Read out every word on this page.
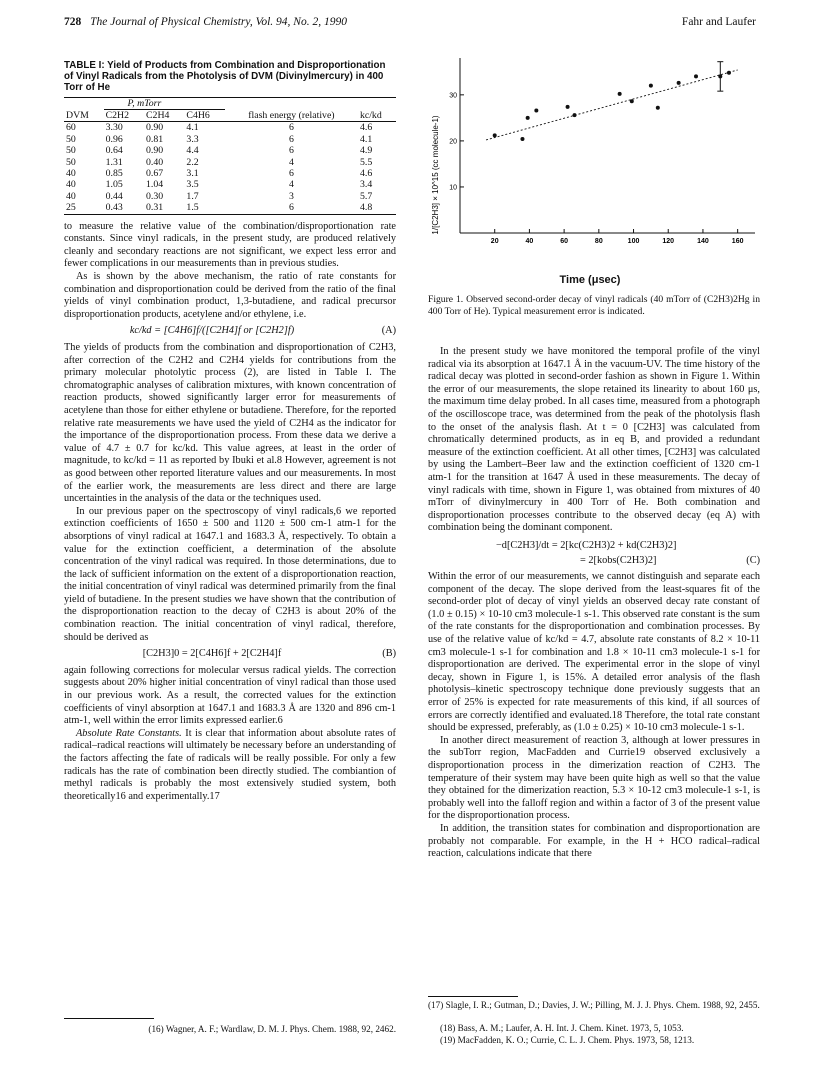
728 The Journal of Physical Chemistry, Vol. 94, No. 2, 1990	Fahr and Laufer
TABLE I: Yield of Products from Combination and Disproportionation of Vinyl Radicals from the Photolysis of DVM (Divinylmercury) in 400 Torr of He
P, mTorr				flash energy (relative)	kc/kd
DVM	C2H2	C2H4	C4H6		
60	3.30	0.90	4.1	6	4.6
50	0.96	0.81	3.3	6	4.1
50	0.64	0.90	4.4	6	4.9
50	1.31	0.40	2.2	4	5.5
40	0.85	0.67	3.1	6	4.6
40	1.05	1.04	3.5	4	3.4
40	0.44	0.30	1.7	3	5.7
25	0.43	0.31	1.5	6	4.8

to measure the relative value of the combination/disproportionation rate constants. Since vinyl radicals, in the present study, are produced relatively cleanly and secondary reactions are not significant, we expect less error and fewer complications in our measurements than in previous studies.

As is shown by the above mechanism, the ratio of rate constants for combination and disproportionation could be derived from the ratio of the final yields of vinyl combination product, 1,3-butadiene, and radical precursor disproportionation products, acetylene and/or ethylene, i.e.

kc/kd = [C4H6]f/([C2H4]f or [C2H2]f)	(A)

The yields of products from the combination and disproportionation of C2H3, after correction of the C2H2 and C2H4 yields for contributions from the primary molecular photolytic process (2), are listed in Table I. The chromatographic analyses of calibration mixtures, with known concentration of reaction products, showed significantly larger error for measurements of acetylene than those for either ethylene or butadiene. Therefore, for the reported relative rate measurements we have used the yield of C2H4 as the indicator for the importance of the disproportionation process. From these data we derive a value of 4.7 ± 0.7 for kc/kd. This value agrees, at least in the order of magnitude, to kc/kd = 11 as reported by Ibuki et al.8 However, agreement is not as good between other reported literature values and our measurements. In most of the earlier work, the measurements are less direct and there are large uncertainties in the analysis of the data or the techniques used.

In our previous paper on the spectroscopy of vinyl radicals,6 we reported extinction coefficients of 1650 ± 500 and 1120 ± 500 cm-1 atm-1 for the absorptions of vinyl radical at 1647.1 and 1683.3 Å, respectively. To obtain a value for the extinction coefficient, a determination of the absolute concentration of the vinyl radical was required. In those determinations, due to the lack of sufficient information on the extent of a disproportionation reaction, the initial concentration of vinyl radical was determined primarily from the final yield of butadiene. In the present studies we have shown that the contribution of the disproportionation reaction to the decay of C2H3 is about 20% of the combination reaction. The initial concentration of vinyl radical, therefore, should be derived as

[C2H3]0 = 2[C4H6]f + 2[C2H4]f	(B)

again following corrections for molecular versus radical yields. The correction suggests about 20% higher initial concentration of vinyl radical than those used in our previous work. As a result, the corrected values for the extinction coefficients of vinyl absorption at 1647.1 and 1683.3 Å are 1320 and 896 cm-1 atm-1, well within the error limits expressed earlier.6

Absolute Rate Constants. It is clear that information about absolute rates of radical–radical reactions will ultimately be necessary before an understanding of the factors affecting the fate of radicals will be really possible. For only a few radicals has the rate of combination been directly studied. The combiantion of methyl radicals is probably the most extensively studied system, both theoretically16 and experimentally.17

(16) Wagner, A. F.; Wardlaw, D. M. J. Phys. Chem. 1988, 92, 2462.
20	40	60	80	100	120	140	160
10
20
30
1/[C2H3] × 10^15 (cc molecule-1)
Time (μsec)
Figure 1. Observed second-order decay of vinyl radicals (40 mTorr of (C2H3)2Hg in 400 Torr of He). Typical measurement error is indicated.

In the present study we have monitored the temporal profile of the vinyl radical via its absorption at 1647.1 Å in the vacuum-UV. The time history of the radical decay was plotted in second-order fashion as shown in Figure 1. Within the error of our measurements, the slope retained its linearity to about 160 μs, the maximum time delay probed. In all cases time, measured from a photograph of the oscilloscope trace, was determined from the peak of the photolysis flash to the onset of the analysis flash. At t = 0 [C2H3] was calculated from chromatically determined products, as in eq B, and provided a redundant measure of the extinction coefficient. At all other times, [C2H3] was calculated by using the Lambert–Beer law and the extinction coefficient of 1320 cm-1 atm-1 for the transition at 1647 Å used in these measurements. The decay of vinyl radicals with time, shown in Figure 1, was obtained from mixtures of 40 mTorr of divinylmercury in 400 Torr of He. Both combination and disproportionation processes contribute to the observed decay (eq A) with combination being the dominant component.

−d[C2H3]/dt = 2[kc(C2H3)2 + kd(C2H3)2]
= 2[kobs(C2H3)2]	(C)

Within the error of our measurements, we cannot distinguish and separate each component of the decay. The slope derived from the least-squares fit of the second-order plot of decay of vinyl yields an observed decay rate constant of (1.0 ± 0.15) × 10-10 cm3 molecule-1 s-1. This observed rate constant is the sum of the rate constants for the disproportionation and combination processes. By use of the relative value of kc/kd = 4.7, absolute rate constants of 8.2 × 10-11 cm3 molecule-1 s-1 for combination and 1.8 × 10-11 cm3 molecule-1 s-1 for disproportionation are derived. The experimental error in the slope of vinyl decay, shown in Figure 1, is 15%. A detailed error analysis of the flash photolysis–kinetic spectroscopy technique done previously suggests that an error of 25% is expected for rate measurements of this kind, if all sources of errors are correctly identified and evaluated.18 Therefore, the total rate constant should be expressed, preferably, as (1.0 ± 0.25) × 10-10 cm3 molecule-1 s-1.

In another direct measurement of reaction 3, although at lower pressures in the subTorr region, MacFadden and Currie19 observed exclusively a disproportionation process in the dimerization reaction of C2H3. The temperature of their system may have been quite high as well so that the value they obtained for the dimerization reaction, 5.3 × 10-12 cm3 molecule-1 s-1, is probably well into the falloff region and within a factor of 3 of the present value for the disproportionation process.

In addition, the transition states for combination and disproportionation are probably not comparable. For example, in the H + HCO radical–radical reaction, calculations indicate that there

(17) Slagle, I. R.; Gutman, D.; Davies, J. W.; Pilling, M. J. J. Phys. Chem. 1988, 92, 2455.
(18) Bass, A. M.; Laufer, A. H. Int. J. Chem. Kinet. 1973, 5, 1053.
(19) MacFadden, K. O.; Currie, C. L. J. Chem. Phys. 1973, 58, 1213.
